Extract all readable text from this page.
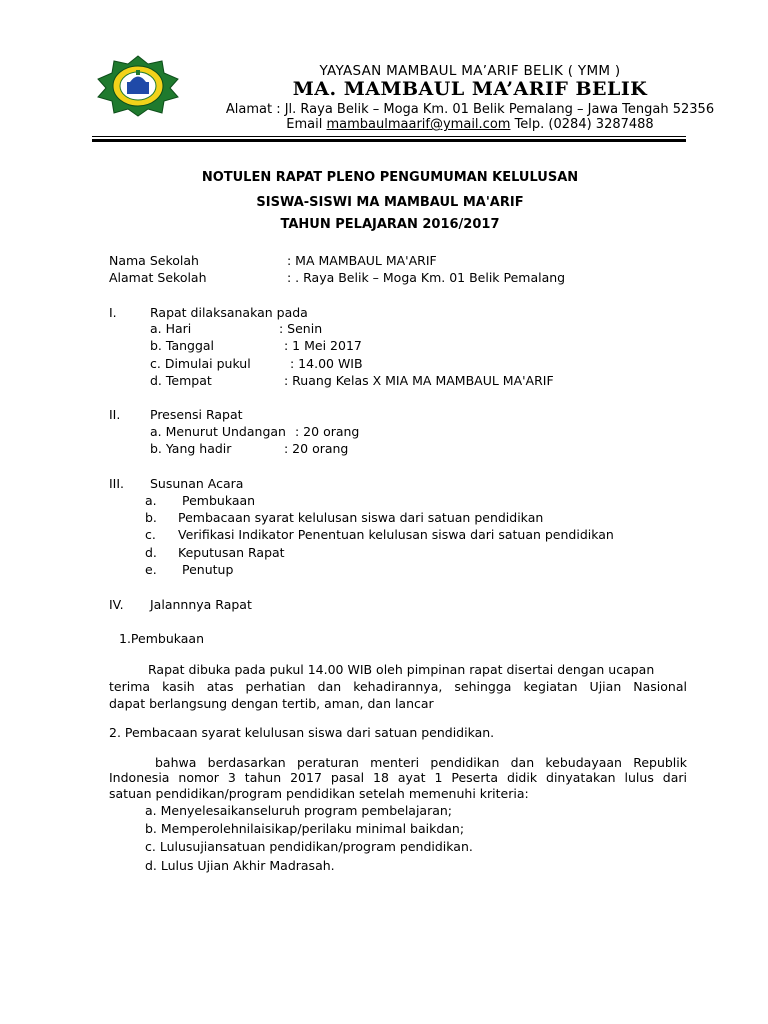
YAYASAN MAMBAUL MA’ARIF BELIK ( YMM )
MA. MAMBAUL MA’ARIF BELIK
Alamat : Jl. Raya Belik – Moga Km. 01 Belik Pemalang – Jawa Tengah 52356
Email mambaulmaarif@ymail.com Telp. (0284) 3287488
NOTULEN RAPAT PLENO PENGUMUMAN KELULUSAN
SISWA-SISWI MA MAMBAUL MA'ARIF
TAHUN PELAJARAN 2016/2017
Nama Sekolah	: MA MAMBAUL MA'ARIF
Alamat Sekolah	: . Raya Belik – Moga Km. 01 Belik Pemalang
I.	Rapat dilaksanakan pada
a. Hari	: Senin
b. Tanggal	: 1 Mei 2017
c. Dimulai pukul	: 14.00 WIB
d. Tempat	: Ruang Kelas X MIA MA MAMBAUL MA'ARIF
II. Presensi Rapat
a. Menurut Undangan : 20 orang
b. Yang hadir	: 20 orang
III. Susunan Acara
a. Pembukaan
b. Pembacaan syarat kelulusan siswa dari satuan pendidikan
c. Verifikasi Indikator Penentuan kelulusan siswa dari satuan pendidikan
d. Keputusan Rapat
e. Penutup
IV. Jalannnya Rapat
1.Pembukaan
Rapat dibuka pada pukul 14.00 WIB oleh pimpinan rapat disertai dengan ucapan
terima kasih atas perhatian dan kehadirannya, sehingga kegiatan Ujian Nasional
dapat berlangsung dengan tertib, aman, dan lancar
2. Pembacaan syarat kelulusan siswa dari satuan pendidikan.
bahwa berdasarkan peraturan menteri pendidikan dan kebudayaan Republik
Indonesia nomor 3 tahun 2017 pasal 18 ayat 1 Peserta didik dinyatakan lulus dari
satuan pendidikan/program pendidikan setelah memenuhi kriteria:
a. Menyelesaikanseluruh program pembelajaran;
b. Memperolehnilaisikap/perilaku minimal baikdan;
c. Lulusujiansatuan pendidikan/program pendidikan.
d. Lulus Ujian Akhir Madrasah.
